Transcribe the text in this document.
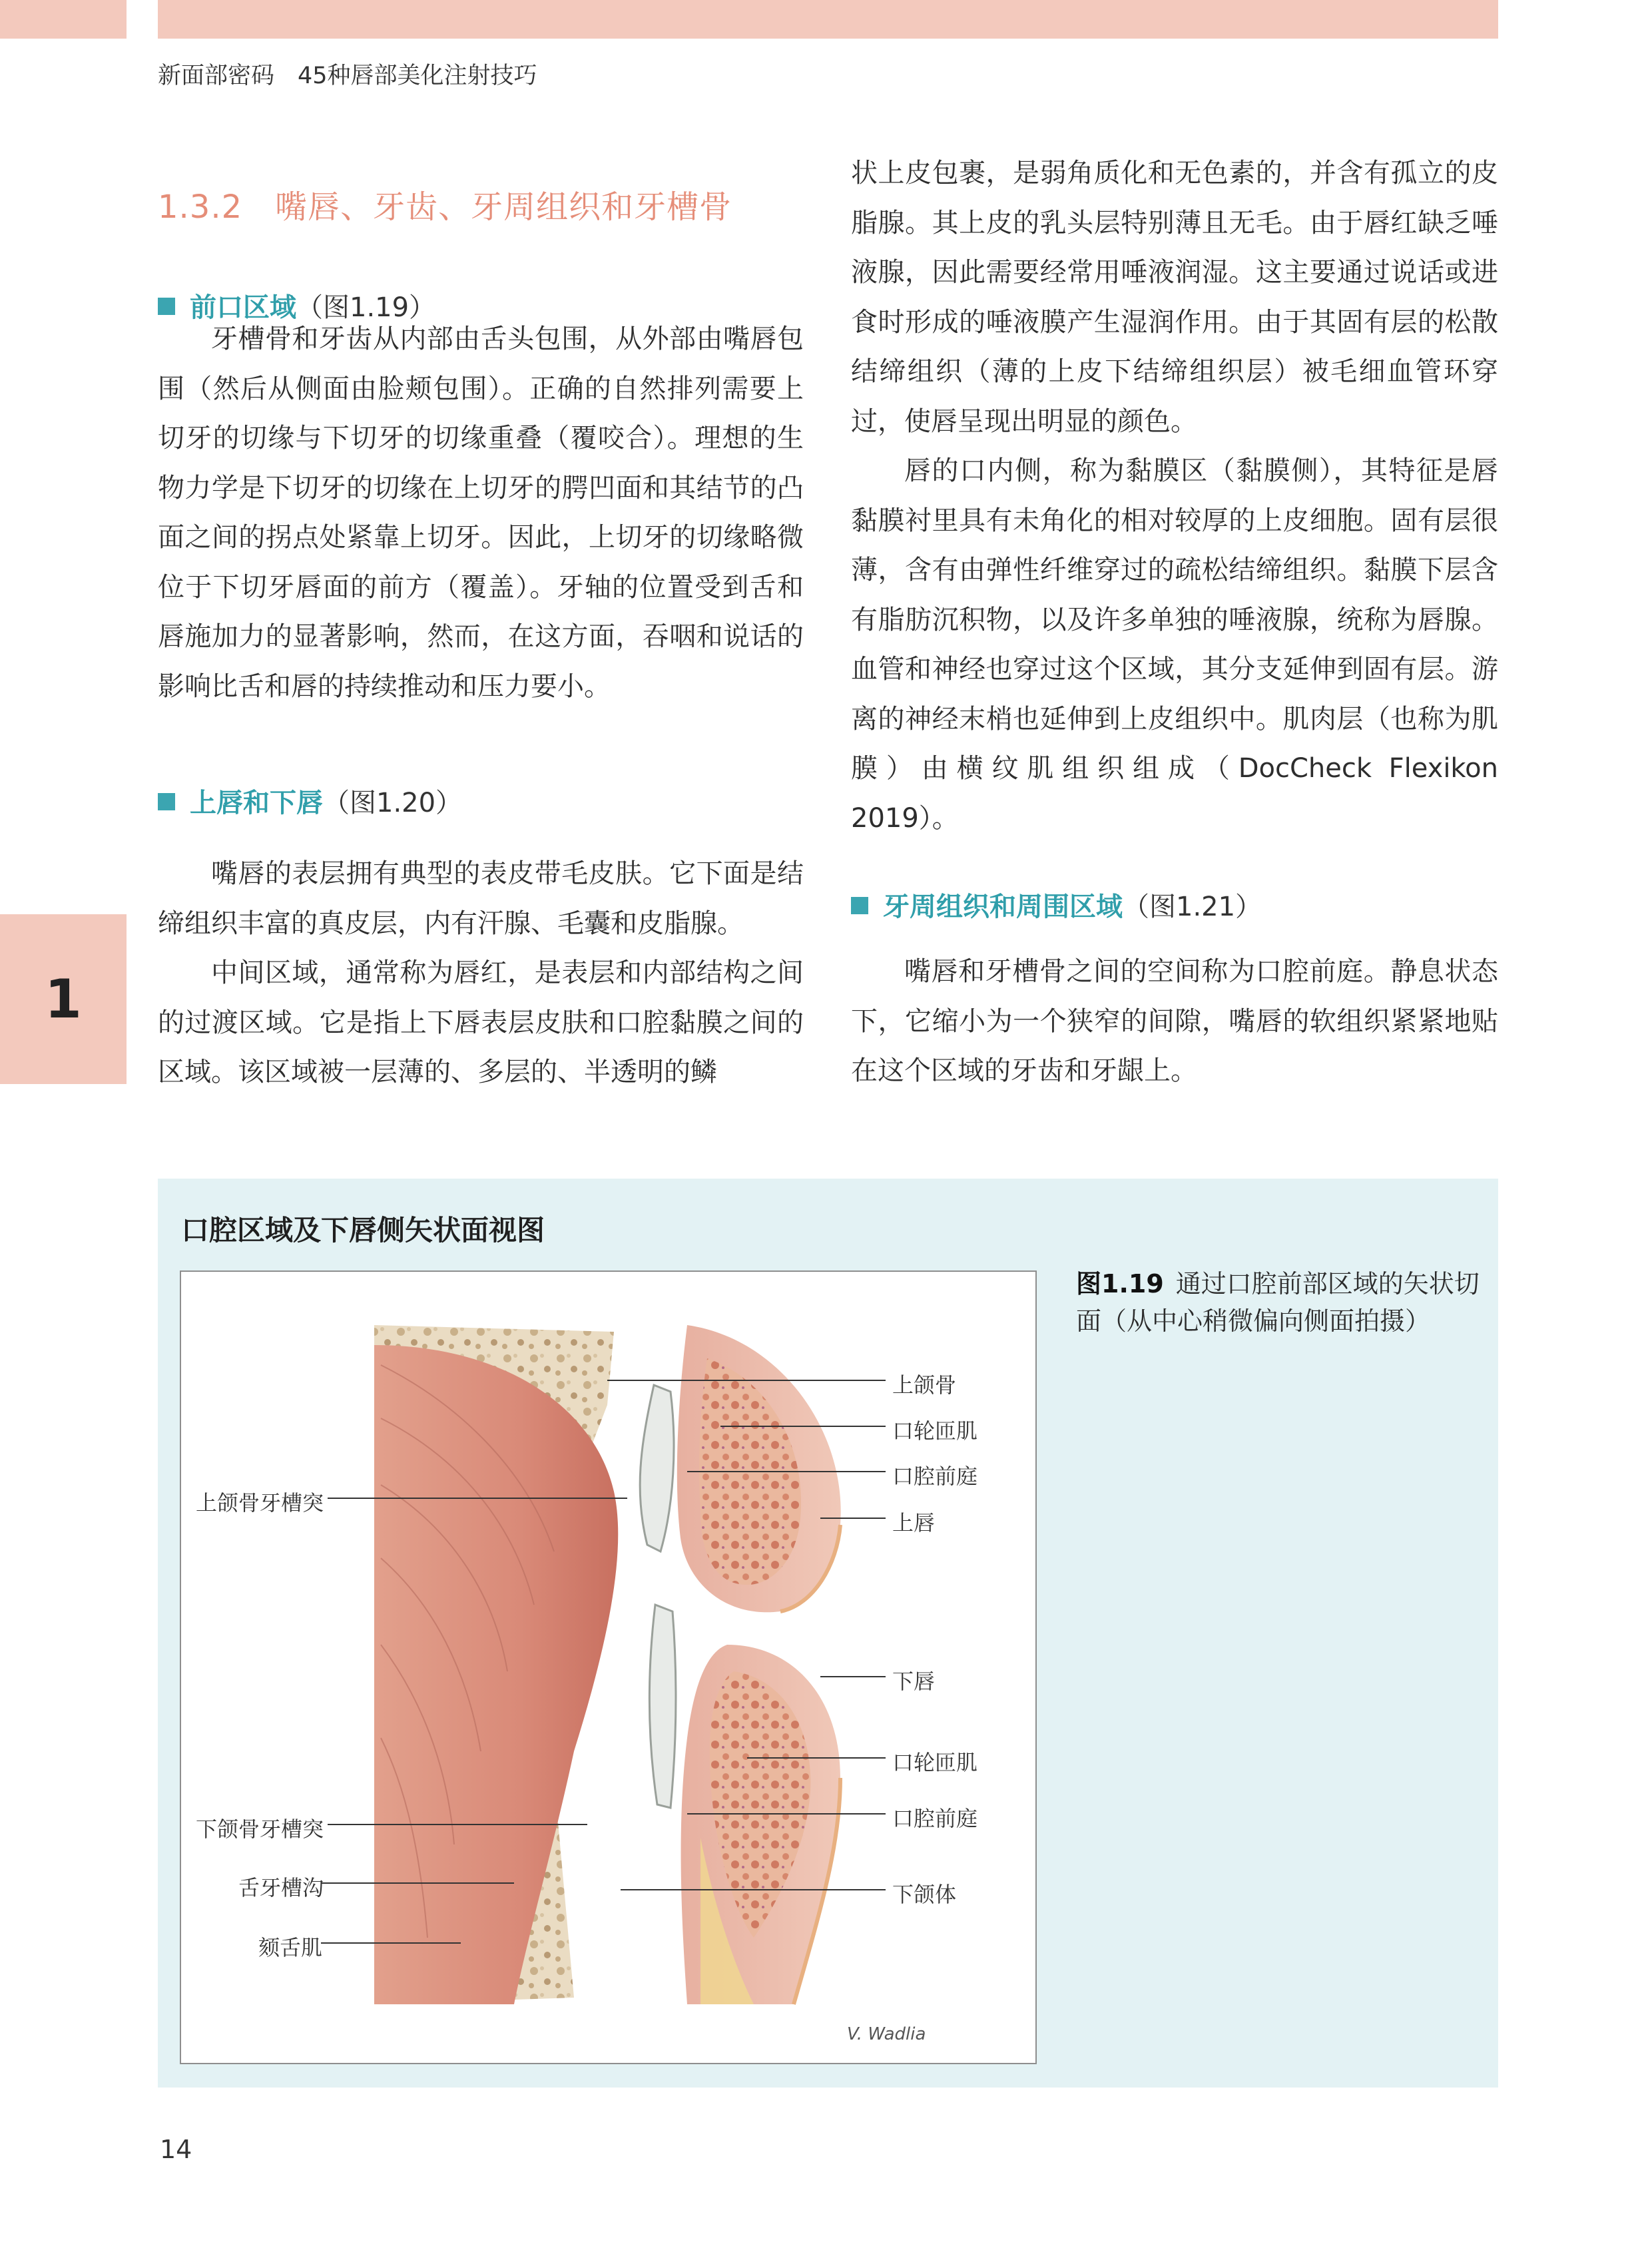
新面部密码　45种唇部美化注射技巧
1.3.2　嘴唇、牙齿、牙周组织和牙槽骨
前口区域（图1.19）

牙槽骨和牙齿从内部由舌头包围，从外部由嘴唇包围（然后从侧面由脸颊包围）。正确的自然排列需要上切牙的切缘与下切牙的切缘重叠（覆咬合）。理想的生物力学是下切牙的切缘在上切牙的腭凹面和其结节的凸面之间的拐点处紧靠上切牙。因此，上切牙的切缘略微位于下切牙唇面的前方（覆盖）。牙轴的位置受到舌和唇施加力的显著影响，然而，在这方面，吞咽和说话的影响比舌和唇的持续推动和压力要小。

上唇和下唇（图1.20）

嘴唇的表层拥有典型的表皮带毛皮肤。它下面是结缔组织丰富的真皮层，内有汗腺、毛囊和皮脂腺。

中间区域，通常称为唇红，是表层和内部结构之间的过渡区域。它是指上下唇表层皮肤和口腔黏膜之间的区域。该区域被一层薄的、多层的、半透明的鳞

状上皮包裹，是弱角质化和无色素的，并含有孤立的皮脂腺。其上皮的乳头层特别薄且无毛。由于唇红缺乏唾液腺，因此需要经常用唾液润湿。这主要通过说话或进食时形成的唾液膜产生湿润作用。由于其固有层的松散结缔组织（薄的上皮下结缔组织层）被毛细血管环穿过，使唇呈现出明显的颜色。

唇的口内侧，称为黏膜区（黏膜侧），其特征是唇黏膜衬里具有未角化的相对较厚的上皮细胞。固有层很薄，含有由弹性纤维穿过的疏松结缔组织。黏膜下层含有脂肪沉积物，以及许多单独的唾液腺，统称为唇腺。血管和神经也穿过这个区域，其分支延伸到固有层。游离的神经末梢也延伸到上皮组织中。肌肉层（也称为肌膜）由横纹肌组织组成（DocCheck Flexikon 2019）。

牙周组织和周围区域（图1.21）

嘴唇和牙槽骨之间的空间称为口腔前庭。静息状态下，它缩小为一个狭窄的间隙，嘴唇的软组织紧紧地贴在这个区域的牙齿和牙龈上。

1
口腔区域及下唇侧矢状面视图
V. Wadlia
上颌骨
口轮匝肌
口腔前庭
上唇
下唇
口轮匝肌
口腔前庭
下颌体
上颌骨牙槽突
下颌骨牙槽突
舌牙槽沟
颏舌肌
图1.19 通过口腔前部区域的矢状切面（从中心稍微偏向侧面拍摄）
14
